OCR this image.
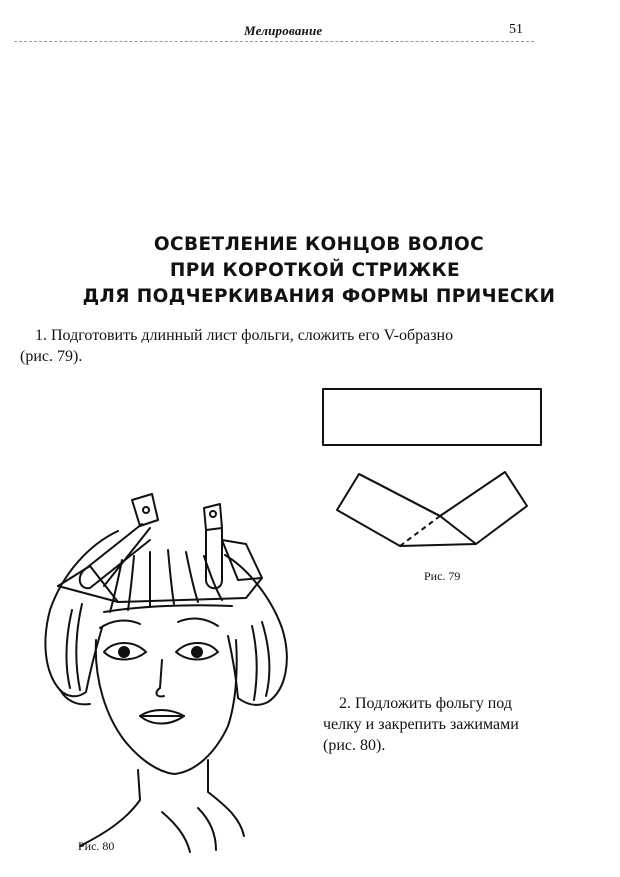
Мелирование	51
ОСВЕТЛЕНИЕ КОНЦОВ ВОЛОС
ПРИ КОРОТКОЙ СТРИЖКЕ
ДЛЯ ПОДЧЕРКИВАНИЯ ФОРМЫ ПРИЧЕСКИ
1. Подготовить длинный лист фольги, сложить его V-образно
(рис. 79).
Рис. 79
Рис. 80
2. Подложить фольгу под
челку и закрепить зажимами
(рис. 80).
